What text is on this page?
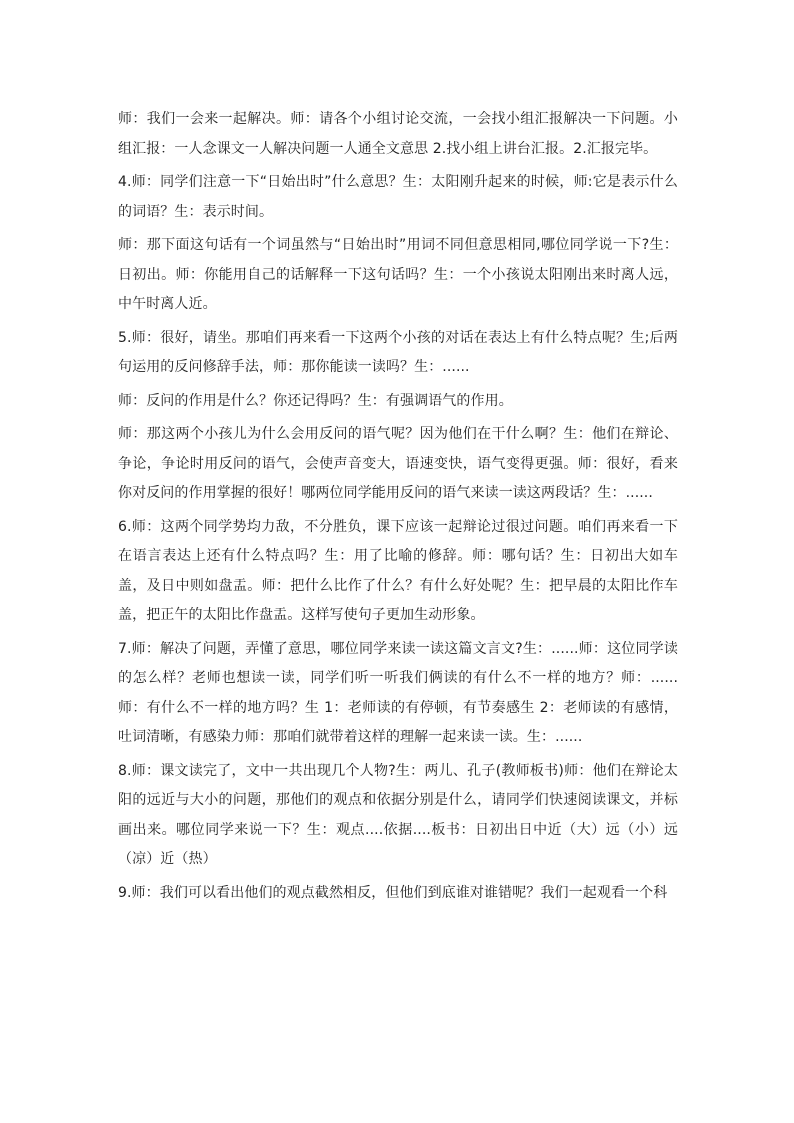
师：我们一会来一起解决。师：请各个小组讨论交流，一会找小组汇报解决一下问题。小组汇报：一人念课文一人解决问题一人通全文意思 2.找小组上讲台汇报。2.汇报完毕。

4.师：同学们注意一下“日始出时”什么意思？生：太阳刚升起来的时候，师:它是表示什么的词语？生：表示时间。

师：那下面这句话有一个词虽然与“日始出时”用词不同但意思相同,哪位同学说一下?生：日初出。师：你能用自己的话解释一下这句话吗？生：一个小孩说太阳刚出来时离人远，中午时离人近。

5.师：很好，请坐。那咱们再来看一下这两个小孩的对话在表达上有什么特点呢？生;后两句运用的反问修辞手法，师：那你能读一读吗？生：......

师：反问的作用是什么？你还记得吗？生：有强调语气的作用。

师：那这两个小孩儿为什么会用反问的语气呢？因为他们在干什么啊？生：他们在辩论、争论，争论时用反问的语气，会使声音变大，语速变快，语气变得更强。师：很好，看来你对反问的作用掌握的很好！哪两位同学能用反问的语气来读一读这两段话？生：......

6.师：这两个同学势均力敌，不分胜负，课下应该一起辩论过很过问题。咱们再来看一下在语言表达上还有什么特点吗？生：用了比喻的修辞。师：哪句话？生：日初出大如车盖，及日中则如盘盂。师：把什么比作了什么？有什么好处呢？生：把早晨的太阳比作车盖，把正午的太阳比作盘盂。这样写使句子更加生动形象。

7.师：解决了问题，弄懂了意思，哪位同学来读一读这篇文言文?生：......师：这位同学读的怎么样？老师也想读一读，同学们听一听我们俩读的有什么不一样的地方？师：......师：有什么不一样的地方吗？生 1：老师读的有停顿，有节奏感生 2：老师读的有感情，吐词清晰，有感染力师：那咱们就带着这样的理解一起来读一读。生：......

8.师：课文读完了，文中一共出现几个人物?生：两儿、孔子(教师板书)师：他们在辩论太阳的远近与大小的问题，那他们的观点和依据分别是什么，请同学们快速阅读课文，并标画出来。哪位同学来说一下？生：观点....依据....板书：日初出日中近（大）远（小）远（凉）近（热）

9.师：我们可以看出他们的观点截然相反，但他们到底谁对谁错呢？我们一起观看一个科
